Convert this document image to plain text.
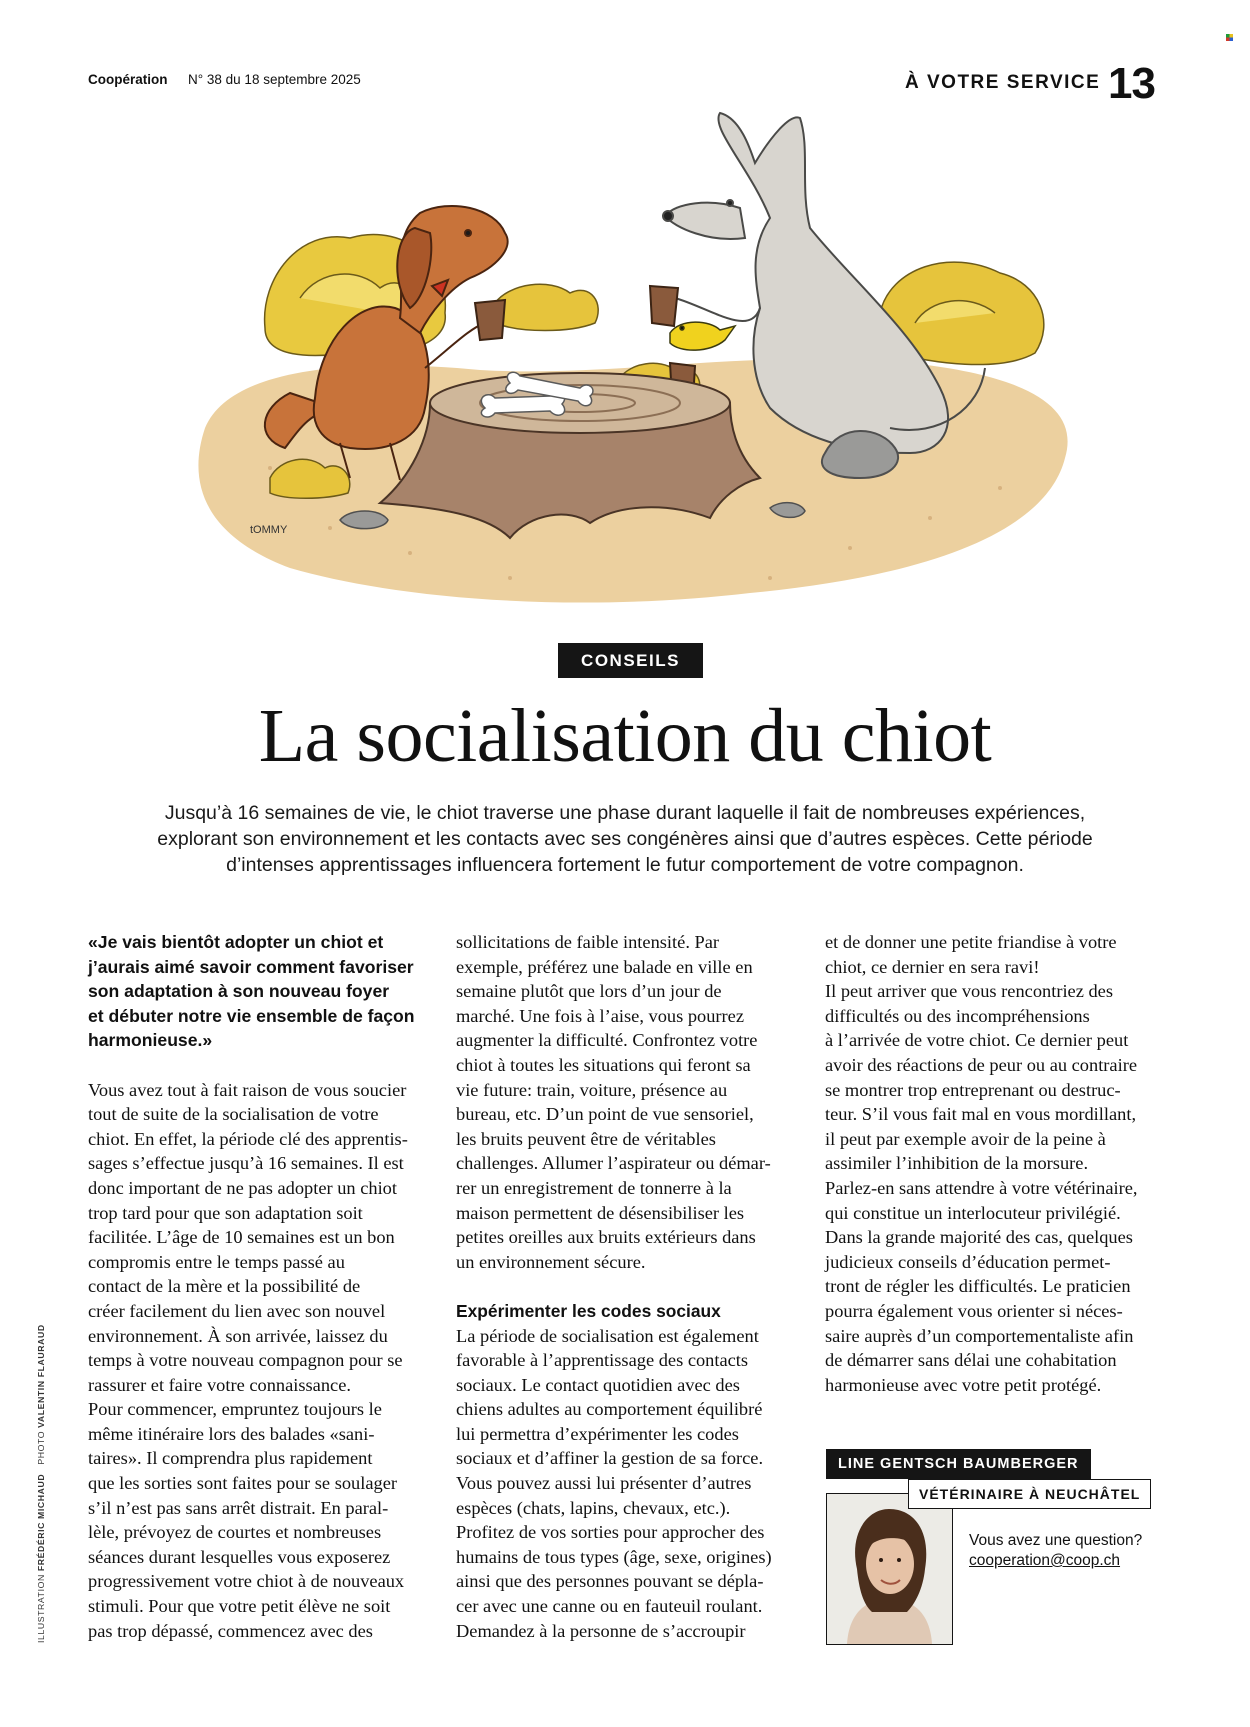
Coopération N° 38 du 18 septembre 2025	À VOTRE SERVICE 13
tOMMY
CONSEILS
La socialisation du chiot
Jusqu’à 16 semaines de vie, le chiot traverse une phase durant laquelle il fait de nombreuses expériences,
explorant son environnement et les contacts avec ses congénères ainsi que d’autres espèces. Cette période
d’intenses apprentissages influencera fortement le futur comportement de votre compagnon.
«Je vais bientôt adopter un chiot et
j’aurais aimé savoir comment favoriser
son adaptation à son nouveau foyer
et débuter notre vie ensemble de façon
harmonieuse.»
Vous avez tout à fait raison de vous soucier
tout de suite de la socialisation de votre
chiot. En effet, la période clé des apprentis-
sages s’effectue jusqu’à 16 semaines. Il est
donc important de ne pas adopter un chiot
trop tard pour que son adaptation soit
facilitée. L’âge de 10 semaines est un bon
compromis entre le temps passé au
contact de la mère et la possibilité de
créer facilement du lien avec son nouvel
environnement. À son arrivée, laissez du
temps à votre nouveau compagnon pour se
rassurer et faire votre connaissance.
Pour commencer, empruntez toujours le
même itinéraire lors des balades «sani-
taires». Il comprendra plus rapidement
que les sorties sont faites pour se soulager
s’il n’est pas sans arrêt distrait. En paral-
lèle, prévoyez de courtes et nombreuses
séances durant lesquelles vous exposerez
progressivement votre chiot à de nouveaux
stimuli. Pour que votre petit élève ne soit
pas trop dépassé, commencez avec des
sollicitations de faible intensité. Par
exemple, préférez une balade en ville en
semaine plutôt que lors d’un jour de
marché. Une fois à l’aise, vous pourrez
augmenter la difficulté. Confrontez votre
chiot à toutes les situations qui feront sa
vie future: train, voiture, présence au
bureau, etc. D’un point de vue sensoriel,
les bruits peuvent être de véritables
challenges. Allumer l’aspirateur ou démar-
rer un enregistrement de tonnerre à la
maison permettent de désensibiliser les
petites oreilles aux bruits extérieurs dans
un environnement sécure.
Expérimenter les codes sociaux
La période de socialisation est également
favorable à l’apprentissage des contacts
sociaux. Le contact quotidien avec des
chiens adultes au comportement équilibré
lui permettra d’expérimenter les codes
sociaux et d’affiner la gestion de sa force.
Vous pouvez aussi lui présenter d’autres
espèces (chats, lapins, chevaux, etc.).
Profitez de vos sorties pour approcher des
humains de tous types (âge, sexe, origines)
ainsi que des personnes pouvant se dépla-
cer avec une canne ou en fauteuil roulant.
Demandez à la personne de s’accroupir
et de donner une petite friandise à votre
chiot, ce dernier en sera ravi!
Il peut arriver que vous rencontriez des
difficultés ou des incompréhensions
à l’arrivée de votre chiot. Ce dernier peut
avoir des réactions de peur ou au contraire
se montrer trop entreprenant ou destruc-
teur. S’il vous fait mal en vous mordillant,
il peut par exemple avoir de la peine à
assimiler l’inhibition de la morsure.
Parlez-en sans attendre à votre vétérinaire,
qui constitue un interlocuteur privilégié.
Dans la grande majorité des cas, quelques
judicieux conseils d’éducation permet-
tront de régler les difficultés. Le praticien
pourra également vous orienter si néces-
saire auprès d’un comportementaliste afin
de démarrer sans délai une cohabitation
harmonieuse avec votre petit protégé.
LINE GENTSCH BAUMBERGER
VÉTÉRINAIRE À NEUCHÂTEL
Vous avez une question?
cooperation@coop.ch
ILLUSTRATION FRÉDÉRIC MICHAUD   PHOTO VALENTIN FLAURAUD
